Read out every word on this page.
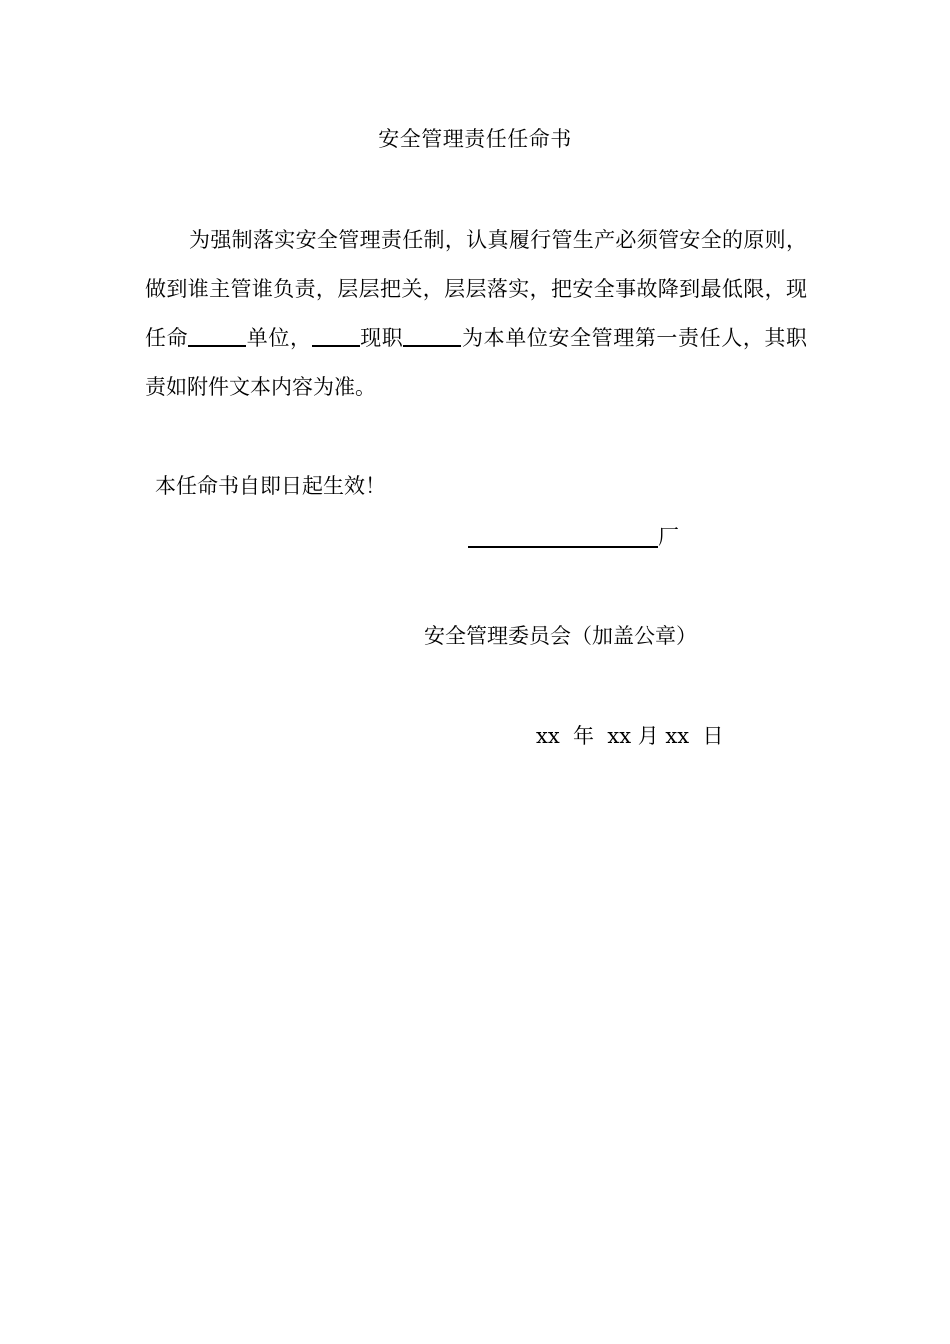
安全管理责任任命书
为强制落实安全管理责任制，认真履行管生产必须管安全的原则，做到谁主管谁负责，层层把关，层层落实，把安全事故降到最低限，现任命	单位， 现职	为本单位安全管理第一责任人，其职责如附件文本内容为准。
本任命书自即日起生效！
厂
安全管理委员会（加盖公章）
xx  年  xx 月 xx  日
